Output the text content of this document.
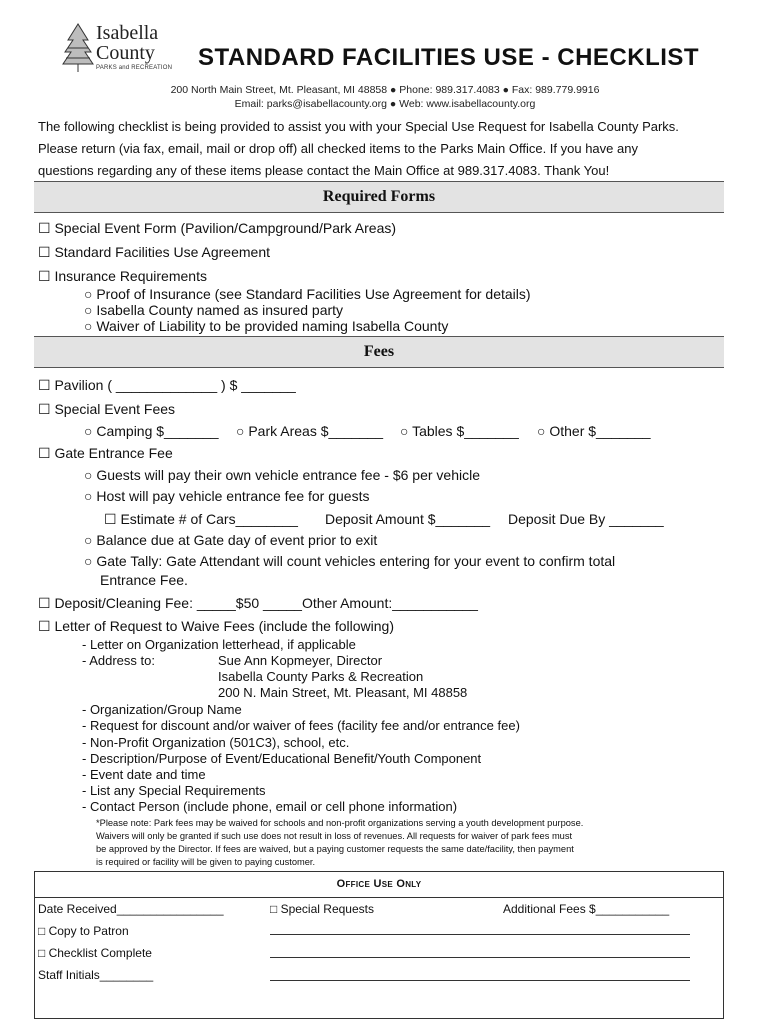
Isabella
County
PARKS and RECREATION STANDARD FACILITIES USE - CHECKLIST
200 North Main Street, Mt. Pleasant, MI 48858 ● Phone: 989.317.4083 ● Fax: 989.779.9916
Email: parks@isabellacounty.org ● Web: www.isabellacounty.org
The following checklist is being provided to assist you with your Special Use Request for Isabella County Parks.
Please return (via fax, email, mail or drop off) all checked items to the Parks Main Office. If you have any
questions regarding any of these items please contact the Main Office at 989.317.4083. Thank You!
Required Forms
☐ Special Event Form (Pavilion/Campground/Park Areas)
☐ Standard Facilities Use Agreement
☐ Insurance Requirements
○ Proof of Insurance (see Standard Facilities Use Agreement for details)
○ Isabella County named as insured party
○ Waiver of Liability to be provided naming Isabella County
Fees
☐ Pavilion ( _____________ ) $ _______
☐ Special Event Fees
○ Camping $_______ ○ Park Areas $_______ ○ Tables $_______ ○ Other $_______
☐ Gate Entrance Fee
○ Guests will pay their own vehicle entrance fee - $6 per vehicle
○ Host will pay vehicle entrance fee for guests
☐ Estimate # of Cars________ Deposit Amount $_______ Deposit Due By _______
○ Balance due at Gate day of event prior to exit
○ Gate Tally: Gate Attendant will count vehicles entering for your event to confirm total
Entrance Fee.
☐ Deposit/Cleaning Fee: _____$50 _____Other Amount:___________
☐ Letter of Request to Waive Fees (include the following)
- Letter on Organization letterhead, if applicable
- Address to:	Sue Ann Kopmeyer, Director
Isabella County Parks & Recreation
200 N. Main Street, Mt. Pleasant, MI 48858
- Organization/Group Name
- Request for discount and/or waiver of fees (facility fee and/or entrance fee)
- Non-Profit Organization (501C3), school, etc.
- Description/Purpose of Event/Educational Benefit/Youth Component
- Event date and time
- List any Special Requirements
- Contact Person (include phone, email or cell phone information)
*Please note: Park fees may be waived for schools and non-profit organizations serving a youth development purpose.
Waivers will only be granted if such use does not result in loss of revenues. All requests for waiver of park fees must
be approved by the Director. If fees are waived, but a paying customer requests the same date/facility, then payment
is required or facility will be given to paying customer.
Office Use Only
Date Received________________
□ Copy to Patron
□ Checklist Complete
Staff Initials________
□ Special Requests	Additional Fees $___________
